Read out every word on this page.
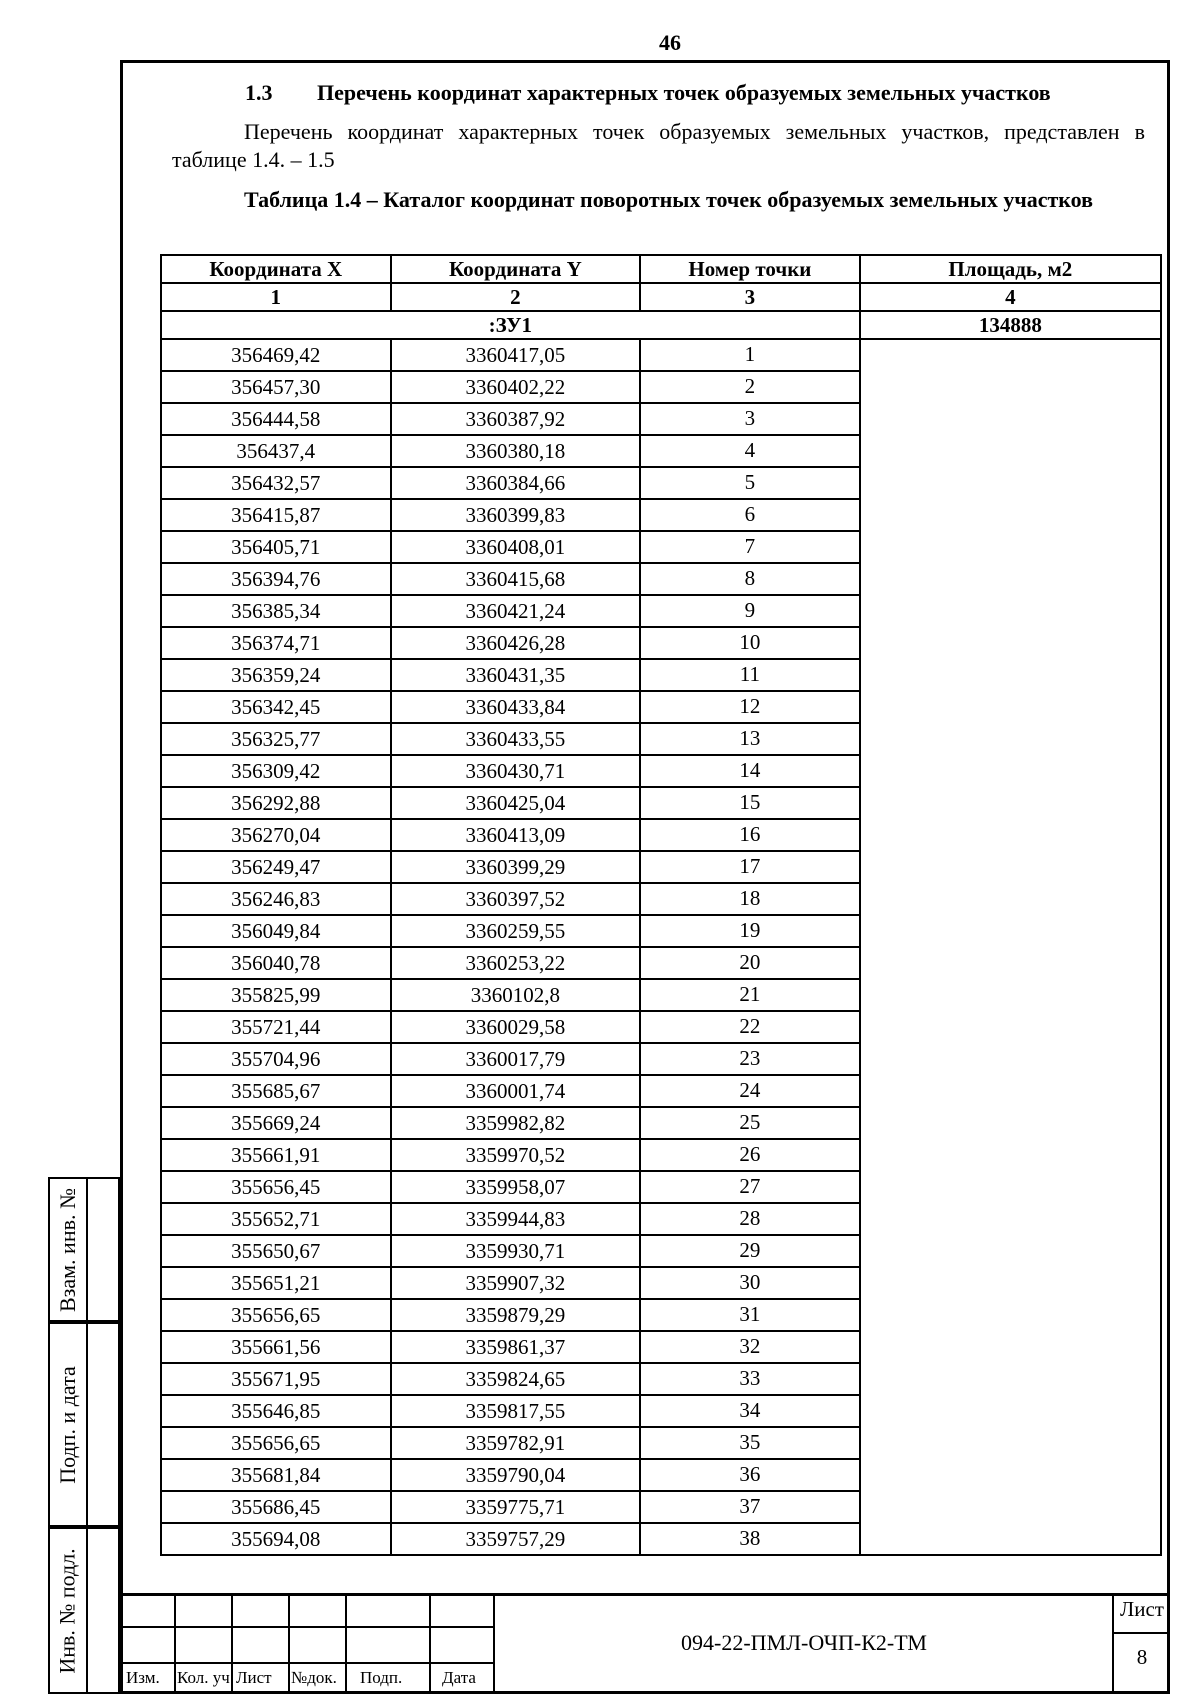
46
1.3 Перечень координат характерных точек образуемых земельных участков
Перечень координат характерных точек образуемых земельных участков, представлен в таблице 1.4. – 1.5
Таблица 1.4 – Каталог координат поворотных точек образуемых земельных участков
Координата X	Координата Y	Номер точки	Площадь, м2
1	2	3	4
:ЗУ1			134888
356469,42	3360417,05	1	
356457,30	3360402,22	2	
356444,58	3360387,92	3	
356437,4	3360380,18	4	
356432,57	3360384,66	5	
356415,87	3360399,83	6	
356405,71	3360408,01	7	
356394,76	3360415,68	8	
356385,34	3360421,24	9	
356374,71	3360426,28	10	
356359,24	3360431,35	11	
356342,45	3360433,84	12	
356325,77	3360433,55	13	
356309,42	3360430,71	14	
356292,88	3360425,04	15	
356270,04	3360413,09	16	
356249,47	3360399,29	17	
356246,83	3360397,52	18	
356049,84	3360259,55	19	
356040,78	3360253,22	20	
355825,99	3360102,8	21	
355721,44	3360029,58	22	
355704,96	3360017,79	23	
355685,67	3360001,74	24	
355669,24	3359982,82	25	
355661,91	3359970,52	26	
355656,45	3359958,07	27	
355652,71	3359944,83	28	
355650,67	3359930,71	29	
355651,21	3359907,32	30	
355656,65	3359879,29	31	
355661,56	3359861,37	32	
355671,95	3359824,65	33	
355646,85	3359817,55	34	
355656,65	3359782,91	35	
355681,84	3359790,04	36	
355686,45	3359775,71	37	
355694,08	3359757,29	38	
Взам. инв. №
Подп. и дата
Инв. № подл.
Изм. Кол. уч Лист №док. Подп. Дата
094-22-ПМЛ-ОЧП-К2-ТМ
Лист
8
